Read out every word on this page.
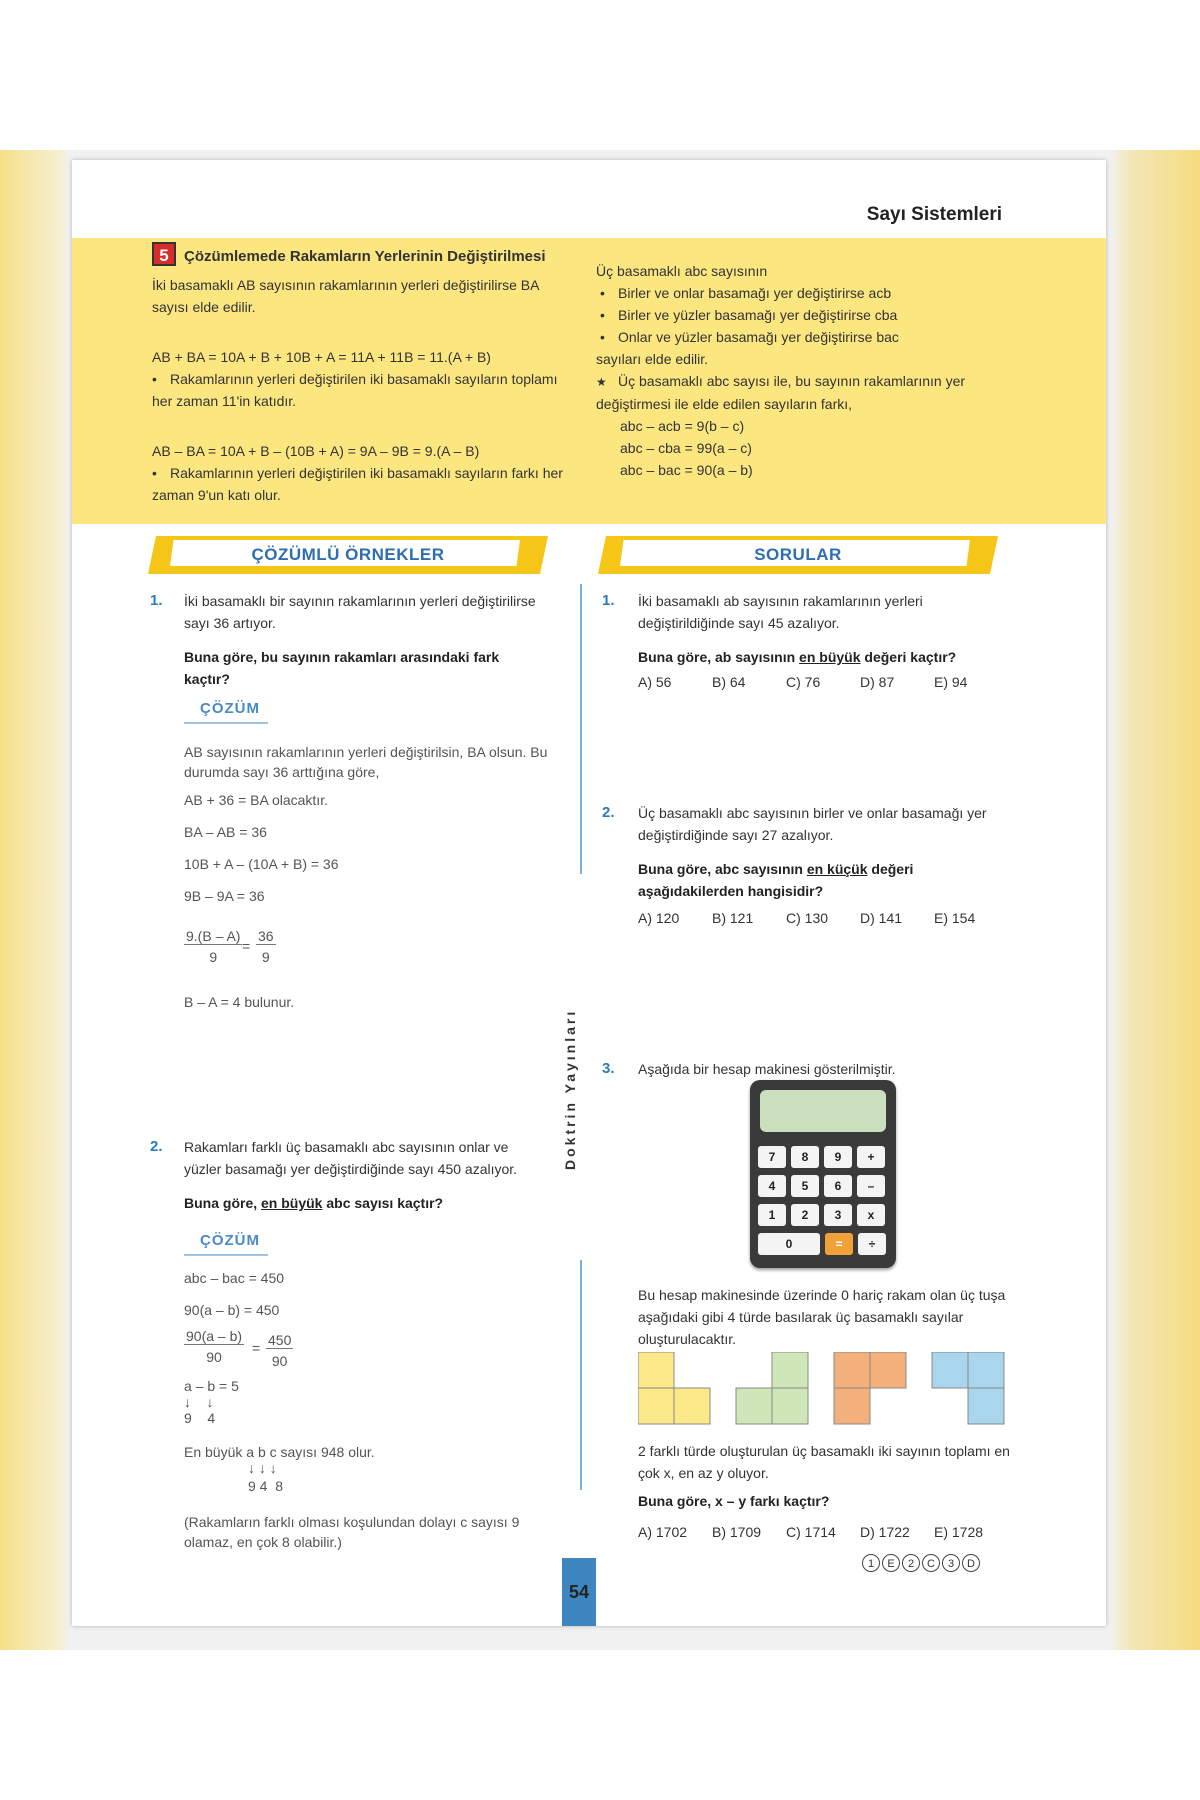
Sayı Sistemleri

5 Çözümlemede Rakamların Yerlerinin Değiştirilmesi

İki basamaklı AB sayısının rakamlarının yerleri değiştirilirse BA sayısı elde edilir.

AB + BA = 10A + B + 10B + A = 11A + 11B = 11.(A + B)

• Rakamlarının yerleri değiştirilen iki basamaklı sayıların toplamı her zaman 11'in katıdır.

AB – BA = 10A + B – (10B + A) = 9A – 9B = 9.(A – B)

• Rakamlarının yerleri değiştirilen iki basamaklı sayıların farkı her zaman 9'un katı olur.

Üç basamaklı abc sayısının

• Birler ve onlar basamağı yer değiştirirse acb

• Birler ve yüzler basamağı yer değiştirirse cba

• Onlar ve yüzler basamağı yer değiştirirse bac

sayıları elde edilir.

★ Üç basamaklı abc sayısı ile, bu sayının rakamlarının yer değiştirmesi ile elde edilen sayıların farkı,

abc – acb = 9(b – c)

abc – cba = 99(a – c)

abc – bac = 90(a – b)

ÇÖZÜMLÜ ÖRNEKLER	SORULAR
Doktrin Yayınları
54
1. İki basamaklı bir sayının rakamlarının yerleri değiştirilirse sayı 36 artıyor.

Buna göre, bu sayının rakamları arasındaki fark kaçtır?

ÇÖZÜM

AB sayısının rakamlarının yerleri değiştirilsin, BA olsun. Bu durumda sayı 36 arttığına göre,

AB + 36 = BA olacaktır.

BA – AB = 36

10B + A – (10A + B) = 36

9B – 9A = 36

$\frac{9.(B - A)}{9} = \frac{36}{9}$
B – A = 4 bulunur.
2. Rakamları farklı üç basamaklı abc sayısının onlar ve yüzler basamağı yer değiştirdiğinde sayı 450 azalıyor.

Buna göre, en büyük abc sayısı kaçtır?

ÇÖZÜM
abc – bac = 450
90(a – b) = 450
$\frac{90(a - b)}{90} = \frac{450}{90}$
a – b = 5
↓    ↓
9    4
En büyük a b c sayısı 948 olur.
↓ ↓ ↓
9 4  8
(Rakamların farklı olması koşulundan dolayı c sayısı 9 olamaz, en çok 8 olabilir.)
1. İki basamaklı ab sayısının rakamlarının yerleri değiştirildiğinde sayı 45 azalıyor.

Buna göre, ab sayısının en büyük değeri kaçtır?

A) 56	B) 64	C) 76	D) 87	E) 94
2. Üç basamaklı abc sayısının birler ve onlar basamağı yer değiştirdiğinde sayı 27 azalıyor.

Buna göre, abc sayısının en küçük değeri aşağıdakilerden hangisidir?

A) 120 B) 121 C) 130 D) 141 E) 154
3. Aşağıda bir hesap makinesi gösterilmiştir.
7	8	9	+
4	5	6	–
1	2	3	x
0	=	÷
Bu hesap makinesinde üzerinde 0 hariç rakam olan üç tuşa aşağıdaki gibi 4 türde basılarak üç basamaklı sayılar oluşturulacaktır.
2 farklı türde oluşturulan üç basamaklı iki sayının toplamı en çok x, en az y oluyor.
Buna göre, x – y farkı kaçtır?
A) 1702 B) 1709 C) 1714 D) 1722 E) 1728
1	E	2	C	3	D
